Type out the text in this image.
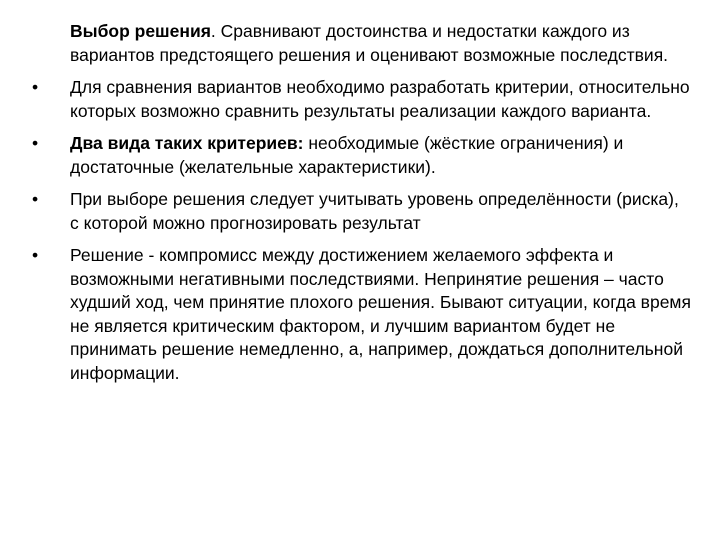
Выбор решения. Сравнивают достоинства и недостатки каждого из вариантов предстоящего решения и оценивают возможные последствия.
•	Для сравнения вариантов необходимо разработать критерии, относительно которых возможно сравнить результаты реализации каждого варианта.
•	Два вида таких критериев: необходимые (жёсткие ограничения) и достаточные (желательные характеристики).
•	При выборе решения следует учитывать уровень определённости (риска), с которой можно прогнозировать результат
•	Решение - компромисс между достижением желаемого эффекта и возможными негативными последствиями. Непринятие решения – часто худший ход, чем принятие плохого решения. Бывают ситуации, когда время не является критическим фактором, и лучшим вариантом будет не принимать решение немедленно, а, например, дождаться дополнительной информации.
